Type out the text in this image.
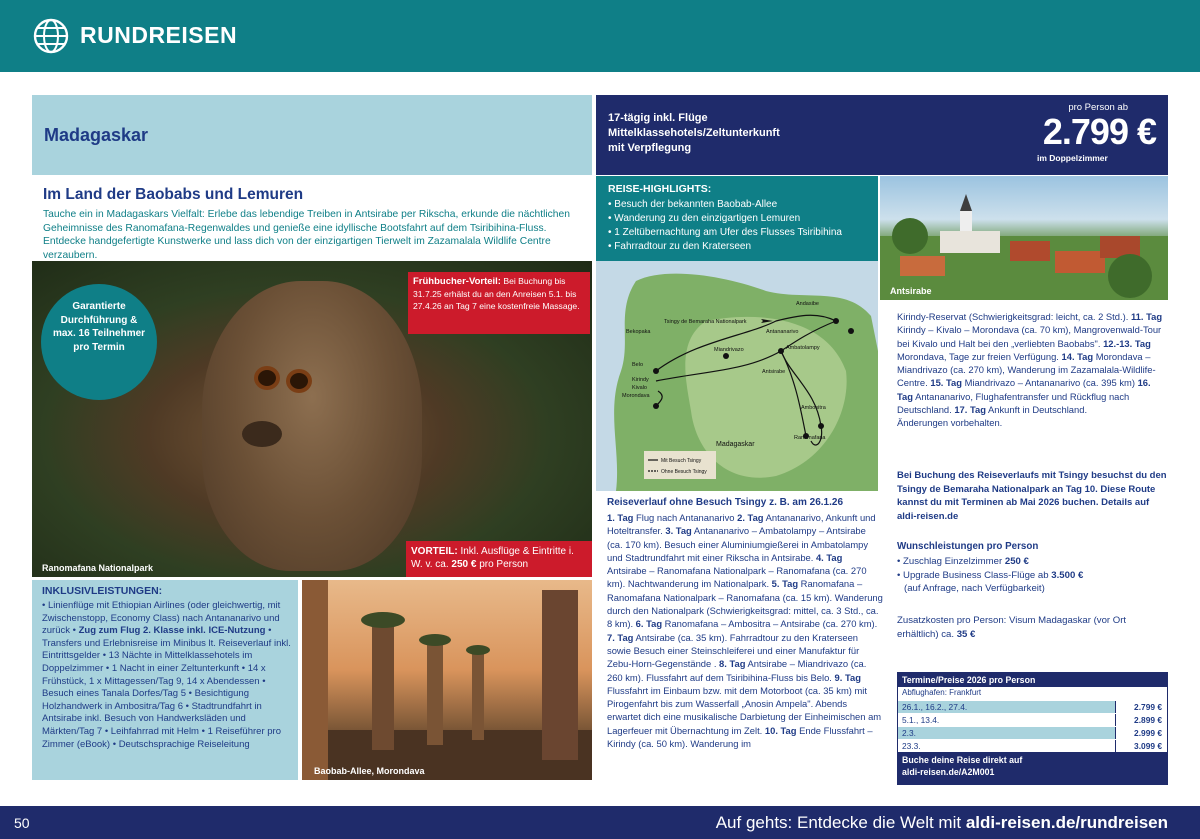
RUNDREISEN
Madagaskar
17-tägig inkl. Flüge
Mittelklassehotels/Zeltunterkunft
mit Verpflegung
pro Person ab
2.799 €
im Doppelzimmer
Im Land der Baobabs und Lemuren
Tauche ein in Madagaskars Vielfalt: Erlebe das lebendige Treiben in Antsirabe per Rikscha, erkunde die nächtlichen Geheimnisse des Ranomafana-Regenwaldes und genieße eine idyllische Bootsfahrt auf dem Tsiribihina-Fluss. Entdecke handgefertigte Kunstwerke und lass dich von der einzigartigen Tierwelt im Zazamalala Wildlife Centre verzaubern.
REISE-HIGHLIGHTS:
• Besuch der bekannten Baobab-Allee
• Wanderung zu den einzigartigen Lemuren
• 1 Zeltübernachtung am Ufer des Flusses Tsiribihina
• Fahrradtour zu den Kraterseen
Ranomafana Nationalpark
Garantierte
Durchführung &
max. 16 Teilnehmer
pro Termin
Frühbucher-Vorteil: Bei Buchung bis 31.7.25 erhälst du an den Anreisen 5.1. bis 27.4.26 an Tag 7 eine kostenfreie Massage.
VORTEIL: Inkl. Ausflüge & Eintritte i. W. v. ca. 250 € pro Person
Tsingy de Bemaraha Nationalpark
Bekopaka
Belo
Kirindy
Kivalo
Morondava
Miandrivazo
Antananarivo
Ambatolampy
Antsirabe
Ambositra
Ranomafana
Andasibe
Madagaskar
Mit Besuch Tsingy
Ohne Besuch Tsingy
Antsirabe
INKLUSIVLEISTUNGEN:
• Linienflüge mit Ethiopian Airlines (oder gleichwertig, mit Zwischenstopp, Economy Class) nach Antananarivo und zurück • Zug zum Flug 2. Klasse inkl. ICE-Nutzung • Transfers und Erlebnisreise im Minibus lt. Reiseverlauf inkl. Eintrittsgelder • 13 Nächte in Mittelklassehotels im Doppelzimmer • 1 Nacht in einer Zeltunterkunft • 14 x Frühstück, 1 x Mittagessen/Tag 9, 14 x Abendessen • Besuch eines Tanala Dorfes/Tag 5 • Besichtigung Holzhandwerk in Ambositra/Tag 6 • Stadtrundfahrt in Antsirabe inkl. Besuch von Handwerksläden und Märkten/Tag 7 • Leihfahrrad mit Helm • 1 Reiseführer pro Zimmer (eBook) • Deutschsprachige Reiseleitung
Baobab-Allee, Morondava
Reiseverlauf ohne Besuch Tsingy z. B. am 26.1.26
1. Tag Flug nach Antananarivo 2. Tag Antananarivo, Ankunft und Hoteltransfer. 3. Tag Antananarivo – Ambatolampy – Antsirabe (ca. 170 km). Besuch einer Aluminiumgießerei in Ambatolampy und Stadtrundfahrt mit einer Rikscha in Antsirabe. 4. Tag Antsirabe – Ranomafana Nationalpark – Ranomafana (ca. 270 km). Nachtwanderung im Nationalpark. 5. Tag Ranomafana – Ranomafana Nationalpark – Ranomafana (ca. 15 km). Wanderung durch den Nationalpark (Schwierigkeitsgrad: mittel, ca. 3 Std., ca. 8 km). 6. Tag Ranomafana – Ambositra – Antsirabe (ca. 270 km). 7. Tag Antsirabe (ca. 35 km). Fahrradtour zu den Kraterseen sowie Besuch einer Steinschleiferei und einer Manufaktur für Zebu-Horn-Gegenstände . 8. Tag Antsirabe – Miandrivazo (ca. 260 km). Flussfahrt auf dem Tsiribihina-Fluss bis Belo. 9. Tag Flussfahrt im Einbaum bzw. mit dem Motorboot (ca. 35 km) mit Pirogenfahrt bis zum Wasserfall „Anosin Ampela". Abends erwartet dich eine musikalische Darbietung der Einheimischen am Lagerfeuer mit Übernachtung im Zelt. 10. Tag Ende Flussfahrt – Kirindy (ca. 50 km). Wanderung im
Kirindy-Reservat (Schwierigkeitsgrad: leicht, ca. 2 Std.). 11. Tag Kirindy – Kivalo – Morondava (ca. 70 km), Mangrovenwald-Tour bei Kivalo und Halt bei den „verliebten Baobabs". 12.-13. Tag Morondava, Tage zur freien Verfügung. 14. Tag Morondava – Miandrivazo (ca. 270 km), Wanderung im Zazamalala-Wildlife-Centre. 15. Tag Miandrivazo – Antananarivo (ca. 395 km) 16. Tag Antananarivo, Flughafentransfer und Rückflug nach Deutschland. 17. Tag Ankunft in Deutschland.
Änderungen vorbehalten.
Bei Buchung des Reiseverlaufs mit Tsingy besuchst du den Tsingy de Bemaraha Nationalpark an Tag 10. Diese Route kannst du mit Terminen ab Mai 2026 buchen. Details auf aldi-reisen.de
Wunschleistungen pro Person
• Zuschlag Einzelzimmer 250 €
• Upgrade Business Class-Flüge ab 3.500 €
(auf Anfrage, nach Verfügbarkeit)
Zusatzkosten pro Person: Visum Madagaskar (vor Ort erhältlich) ca. 35 €
Termine/Preise 2026 pro Person
Abflughafen: Frankfurt
26.1., 16.2., 27.4.	2.799 €
5.1., 13.4.	2.899 €
2.3.	2.999 €
23.3.	3.099 €
Buche deine Reise direkt auf
aldi-reisen.de/A2M001
50	Auf gehts: Entdecke die Welt mit aldi-reisen.de/rundreisen
